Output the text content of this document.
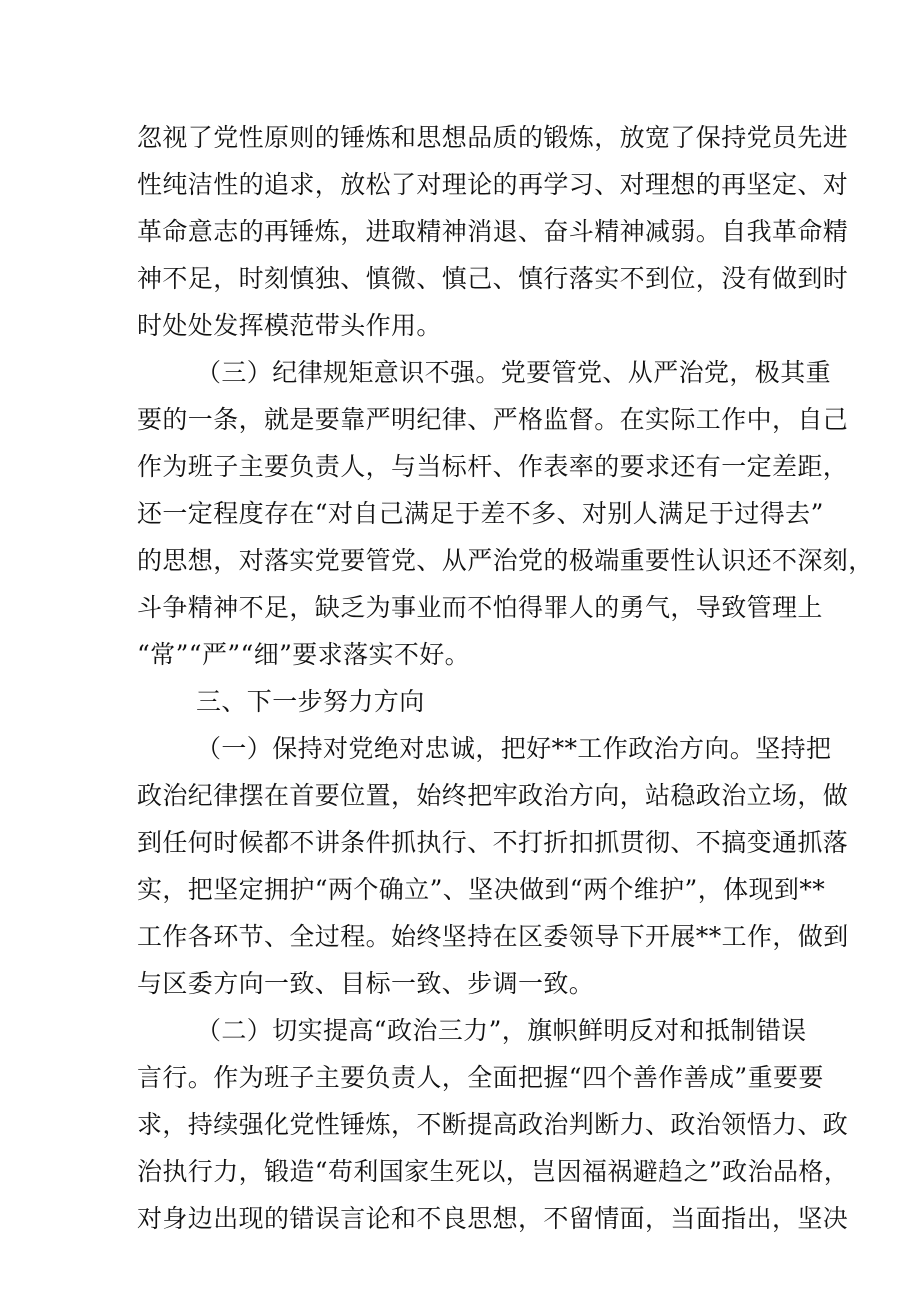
忽视了党性原则的锤炼和思想品质的锻炼，放宽了保持党员先进
性纯洁性的追求，放松了对理论的再学习、对理想的再坚定、对
革命意志的再锤炼，进取精神消退、奋斗精神减弱。自我革命精
神不足，时刻慎独、慎微、慎己、慎行落实不到位，没有做到时
时处处发挥模范带头作用。
（三）纪律规矩意识不强。党要管党、从严治党，极其重
要的一条，就是要靠严明纪律、严格监督。在实际工作中，自己
作为班子主要负责人，与当标杆、作表率的要求还有一定差距，
还一定程度存在“对自己满足于差不多、对别人满足于过得去”
的思想，对落实党要管党、从严治党的极端重要性认识还不深刻，
斗争精神不足，缺乏为事业而不怕得罪人的勇气，导致管理上
“常”“严”“细”要求落实不好。
三、下一步努力方向
（一）保持对党绝对忠诚，把好**工作政治方向。坚持把
政治纪律摆在首要位置，始终把牢政治方向，站稳政治立场，做
到任何时候都不讲条件抓执行、不打折扣抓贯彻、不搞变通抓落
实，把坚定拥护“两个确立”、坚决做到“两个维护”，体现到**
工作各环节、全过程。始终坚持在区委领导下开展**工作，做到
与区委方向一致、目标一致、步调一致。
（二）切实提高“政治三力”，旗帜鲜明反对和抵制错误
言行。作为班子主要负责人，全面把握“四个善作善成”重要要
求，持续强化党性锤炼，不断提高政治判断力、政治领悟力、政
治执行力，锻造“苟利国家生死以，岂因福祸避趋之”政治品格，
对身边出现的错误言论和不良思想，不留情面，当面指出，坚决
